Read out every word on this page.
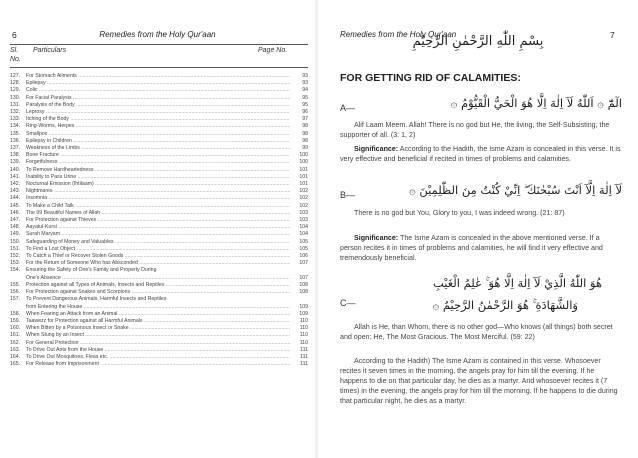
6	Remedies from the Holy Qur'aan
Sl.
No.
Particulars	Page No.
127.	For Stomach Ailments .....	93
128.	Epilepsy .....	93
129.	Colic .....	94
130.	For Facial Paralysis .....	95
131.	Paralysis of the Body .....	95
132.	Leprosy .....	96
133.	Itching of the Body .....	97
134.	Ring-Worms, Herpes .....	98
135.	Smallpox .....	98
136.	Epilepsy in Children .....	98
137.	Weakness of the Limbs .....	99
138.	Bone Fracture .....	100
139.	Forgetfulness .....	100
140.	To Remove Hardheartedness .....	101
141.	Inability to Pass Urine .....	101
142.	Nocturnal Emission (Ihtilaam) .....	101
143.	Nightmares .....	102
144.	Insomnia .....	102
145.	To Make a Child Talk .....	102
146.	The 99 Beautiful Names of Allah .....	103
147.	For Protection against Thieves .....	103
148.	Aayatul-Kursi .....	104
149.	Surah Maryam .....	104
150.	Safeguarding of Money and Valuables .....	105
151.	To Find a Lost Object .....	105
152.	To Catch a Thief or Recover Stolen Goods .....	106
153.	For the Return of Someone Who has Absconded .....	107
154.	Ensuring the Safety of One's Family and Property During
One's Absence .....	107
155.	Protection against all Types of Animals, Insects and Reptiles .....	108
156.	For Protection against Snakes and Scorpions .....	108
157.	To Prevent Dangerous Animals, Harmful Insects and Reptiles
from Entering the House .....	109
158.	When Fearing an Attack from an Animal .....	109
159.	Taawezz for Protection against all Harmful Animals .....	110
160.	When Bitten by a Poisonous Insect or Snake .....	110
161.	When Stung by an Insect .....	110
162.	For General Protection .....	110
163.	To Drive Out Ants from the House .....	111
164.	To Drive Out Mosquitoes, Fleas etc. .....	111
165.	For Release from Imprisonment .....	111
Remedies from the Holy Qur'aan	7
بِسْمِ اللّٰهِ الرَّحْمٰنِ الرَّحِيْمِ
FOR GETTING RID OF CALAMITIES:
A—	الٓمّٓ ۞ اَللّٰهُ لَآ اِلٰهَ اِلَّا هُوَ الْحَيُّ الْقَيُّوْمُ ۞
Alif Laam Meem. Allah! There is no god but He, the living, the Self-Subsisting, the supporter of all. (3: 1, 2)
Significance: According to the Hadith, the Isme Azam is concealed in this verse. It is very effective and beneficial if recited in times of problems and calamities.
B—	لَآ اِلٰهَ اِلَّآ اَنْتَ سُبْحٰنَكَ ۖ اِنِّيْ كُنْتُ مِنَ الظّٰلِمِيْنَ ۞
There is no god but You, Glory to you, I was indeed wrong. (21: 87)
Significance: The Isme Azam is concealed in the above mentioned verse. If a person recites it in times of problems and calamities, he will find it very effective and tremendously beneficial.
C—
هُوَ اللّٰهُ الَّذِيْ لَآ اِلٰهَ اِلَّا هُوَ ۚ عٰلِمُ الْغَيْبِ
وَالشَّهَادَةِ ۚ هُوَ الرَّحْمٰنُ الرَّحِيْمُ ۞
Allah is He, than Whom, there is no other god—Who knows (all things) both secret and open; He, The Most Gracious. The Most Merciful. (59: 22)
According to the Hadith) The Isme Azam is contained in this verse. Whosoever recites it seven times in the morning, the angels pray for him till the evening. If he happens to die on that particular day, he dies as a martyr. And whosoever recites it (7 times) in the evening, the angels pray for him till the morning. If he happens to die during that particular night, he dies as a martyr.
